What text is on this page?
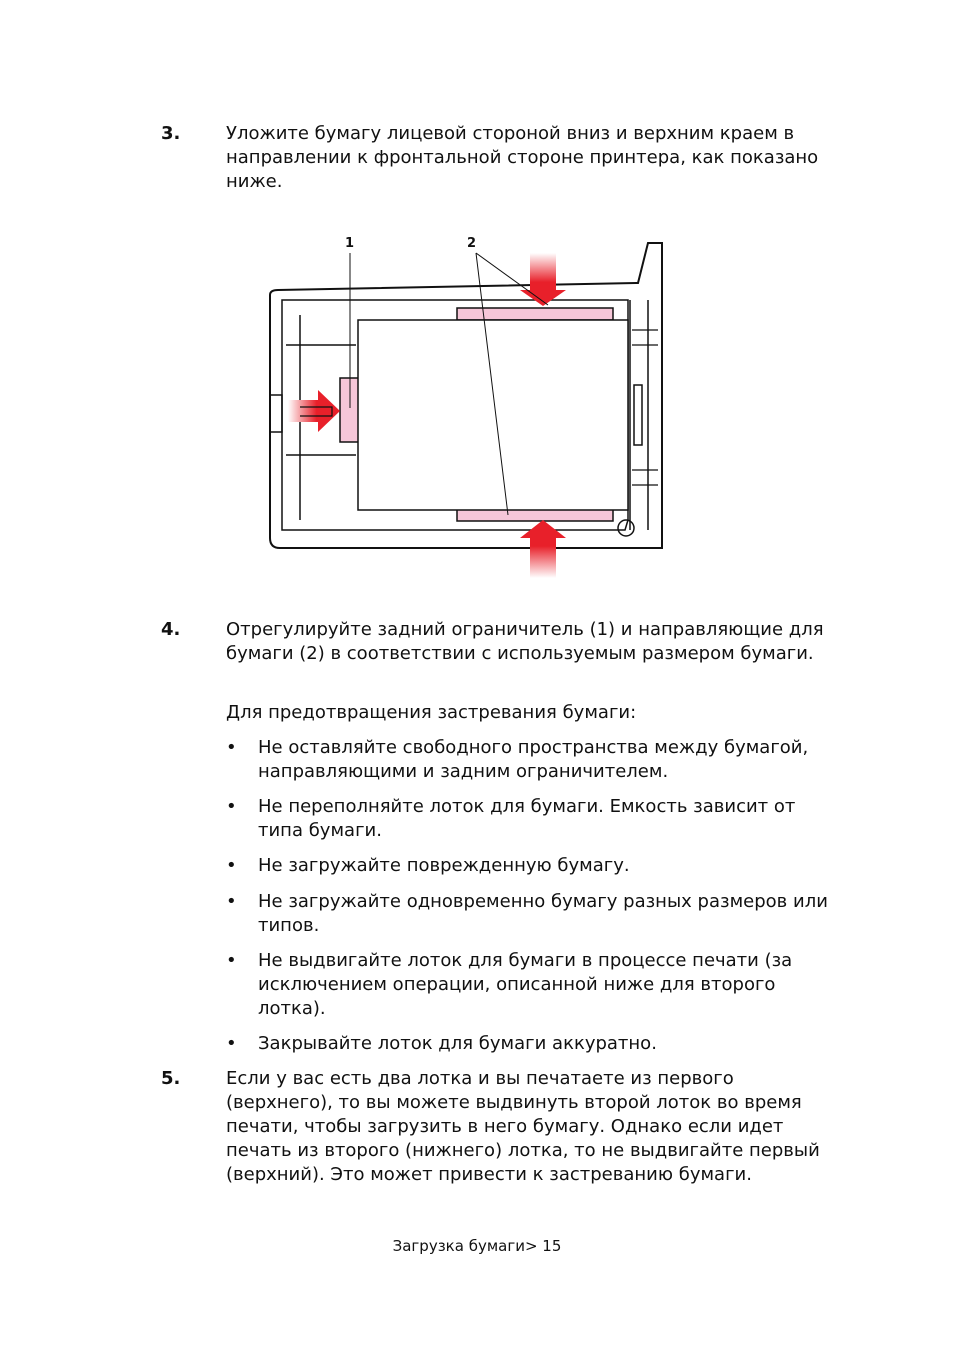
3.	Уложите бумагу лицевой стороной вниз и верхним краем в направлении к фронтальной стороне принтера, как показано ниже.
1	2
4.	Отрегулируйте задний ограничитель (1) и направляющие для бумаги (2) в соответствии с используемым размером бумаги.
Для предотвращения застревания бумаги:
• Не оставляйте свободного пространства между бумагой, направляющими и задним ограничителем.
• Не переполняйте лоток для бумаги. Емкость зависит от типа бумаги.
• Не загружайте поврежденную бумагу.
• Не загружайте одновременно бумагу разных размеров или типов.
• Не выдвигайте лоток для бумаги в процессе печати (за исключением операции, описанной ниже для второго лотка).
• Закрывайте лоток для бумаги аккуратно.
5.	Если у вас есть два лотка и вы печатаете из первого (верхнего), то вы можете выдвинуть второй лоток во время печати, чтобы загрузить в него бумагу. Однако если идет печать из второго (нижнего) лотка, то не выдвигайте первый (верхний). Это может привести к застреванию бумаги.
Загрузка бумаги> 15
